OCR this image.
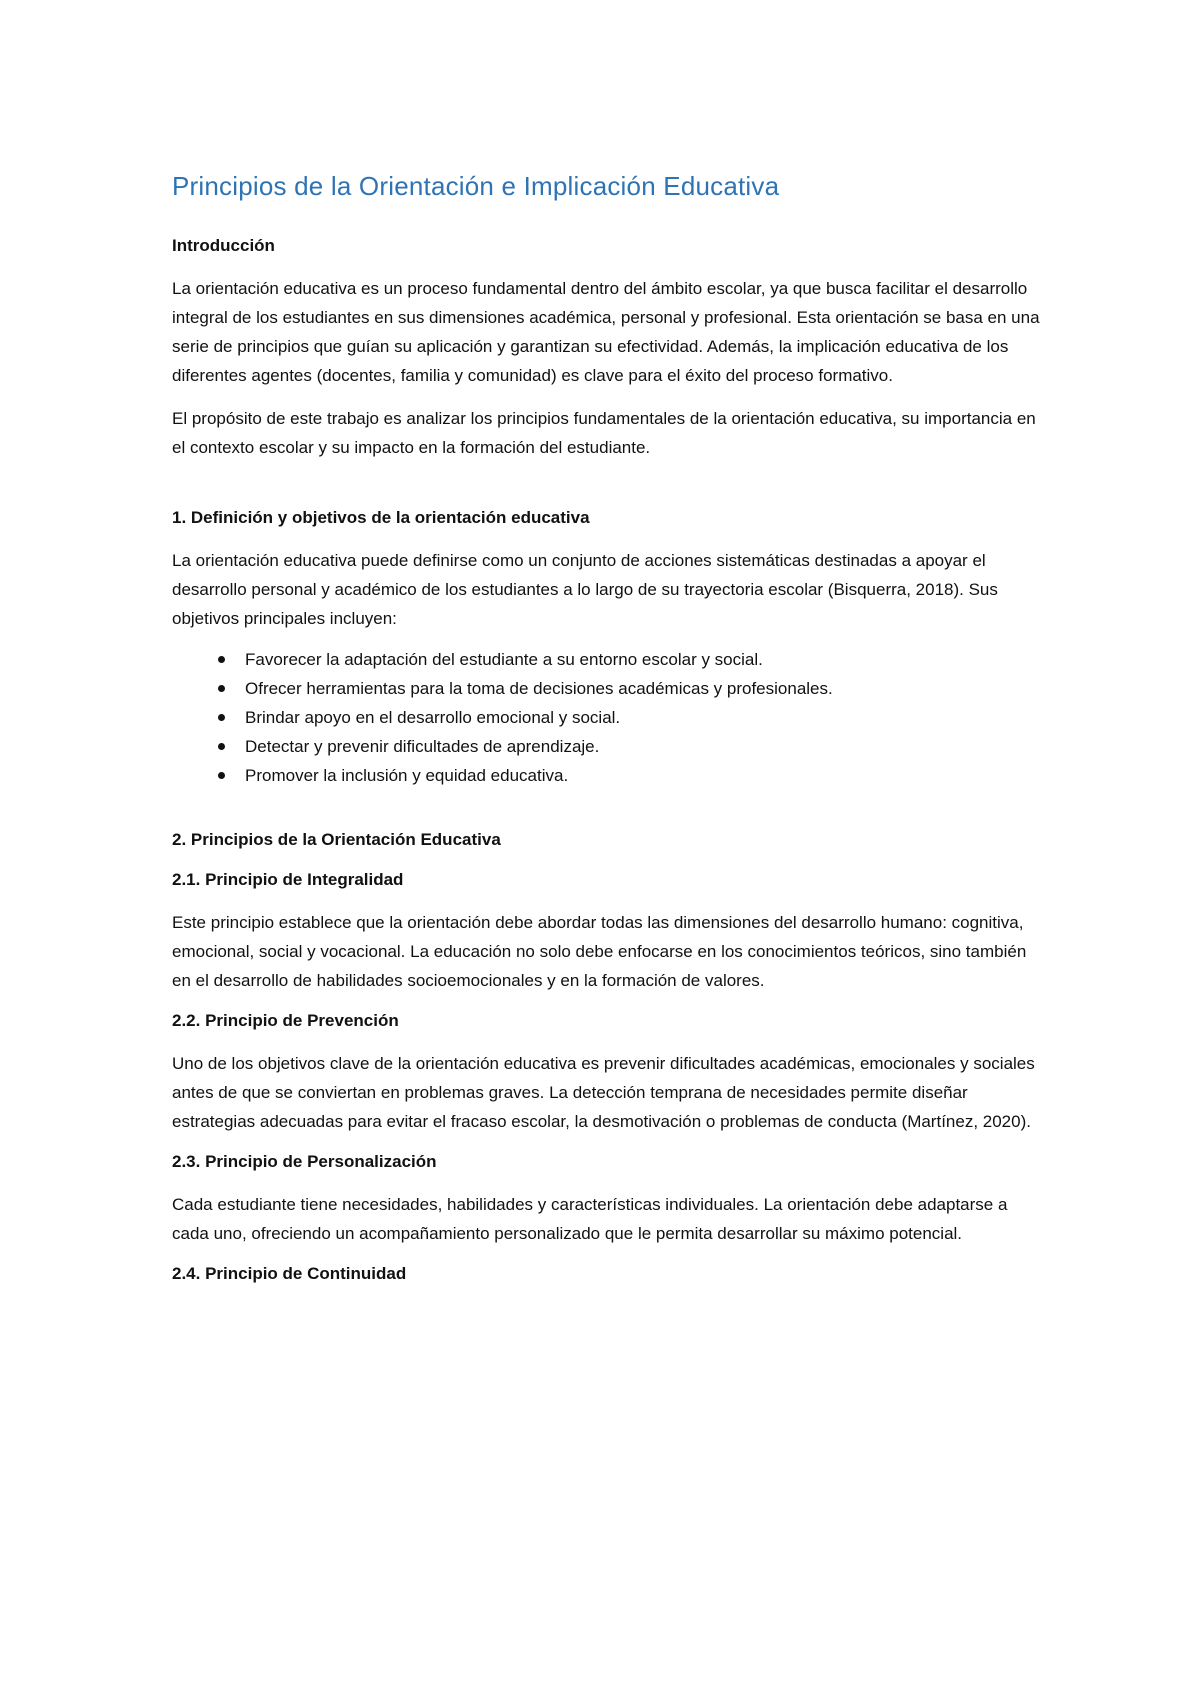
Principios de la Orientación e Implicación Educativa
Introducción

La orientación educativa es un proceso fundamental dentro del ámbito escolar, ya que busca facilitar el desarrollo integral de los estudiantes en sus dimensiones académica, personal y profesional. Esta orientación se basa en una serie de principios que guían su aplicación y garantizan su efectividad. Además, la implicación educativa de los diferentes agentes (docentes, familia y comunidad) es clave para el éxito del proceso formativo.

El propósito de este trabajo es analizar los principios fundamentales de la orientación educativa, su importancia en el contexto escolar y su impacto en la formación del estudiante.

1. Definición y objetivos de la orientación educativa

La orientación educativa puede definirse como un conjunto de acciones sistemáticas destinadas a apoyar el desarrollo personal y académico de los estudiantes a lo largo de su trayectoria escolar (Bisquerra, 2018). Sus objetivos principales incluyen:

Favorecer la adaptación del estudiante a su entorno escolar y social.
Ofrecer herramientas para la toma de decisiones académicas y profesionales.
Brindar apoyo en el desarrollo emocional y social.
Detectar y prevenir dificultades de aprendizaje.
Promover la inclusión y equidad educativa.
2. Principios de la Orientación Educativa
2.1. Principio de Integralidad

Este principio establece que la orientación debe abordar todas las dimensiones del desarrollo humano: cognitiva, emocional, social y vocacional. La educación no solo debe enfocarse en los conocimientos teóricos, sino también en el desarrollo de habilidades socioemocionales y en la formación de valores.

2.2. Principio de Prevención

Uno de los objetivos clave de la orientación educativa es prevenir dificultades académicas, emocionales y sociales antes de que se conviertan en problemas graves. La detección temprana de necesidades permite diseñar estrategias adecuadas para evitar el fracaso escolar, la desmotivación o problemas de conducta (Martínez, 2020).

2.3. Principio de Personalización

Cada estudiante tiene necesidades, habilidades y características individuales. La orientación debe adaptarse a cada uno, ofreciendo un acompañamiento personalizado que le permita desarrollar su máximo potencial.

2.4. Principio de Continuidad
